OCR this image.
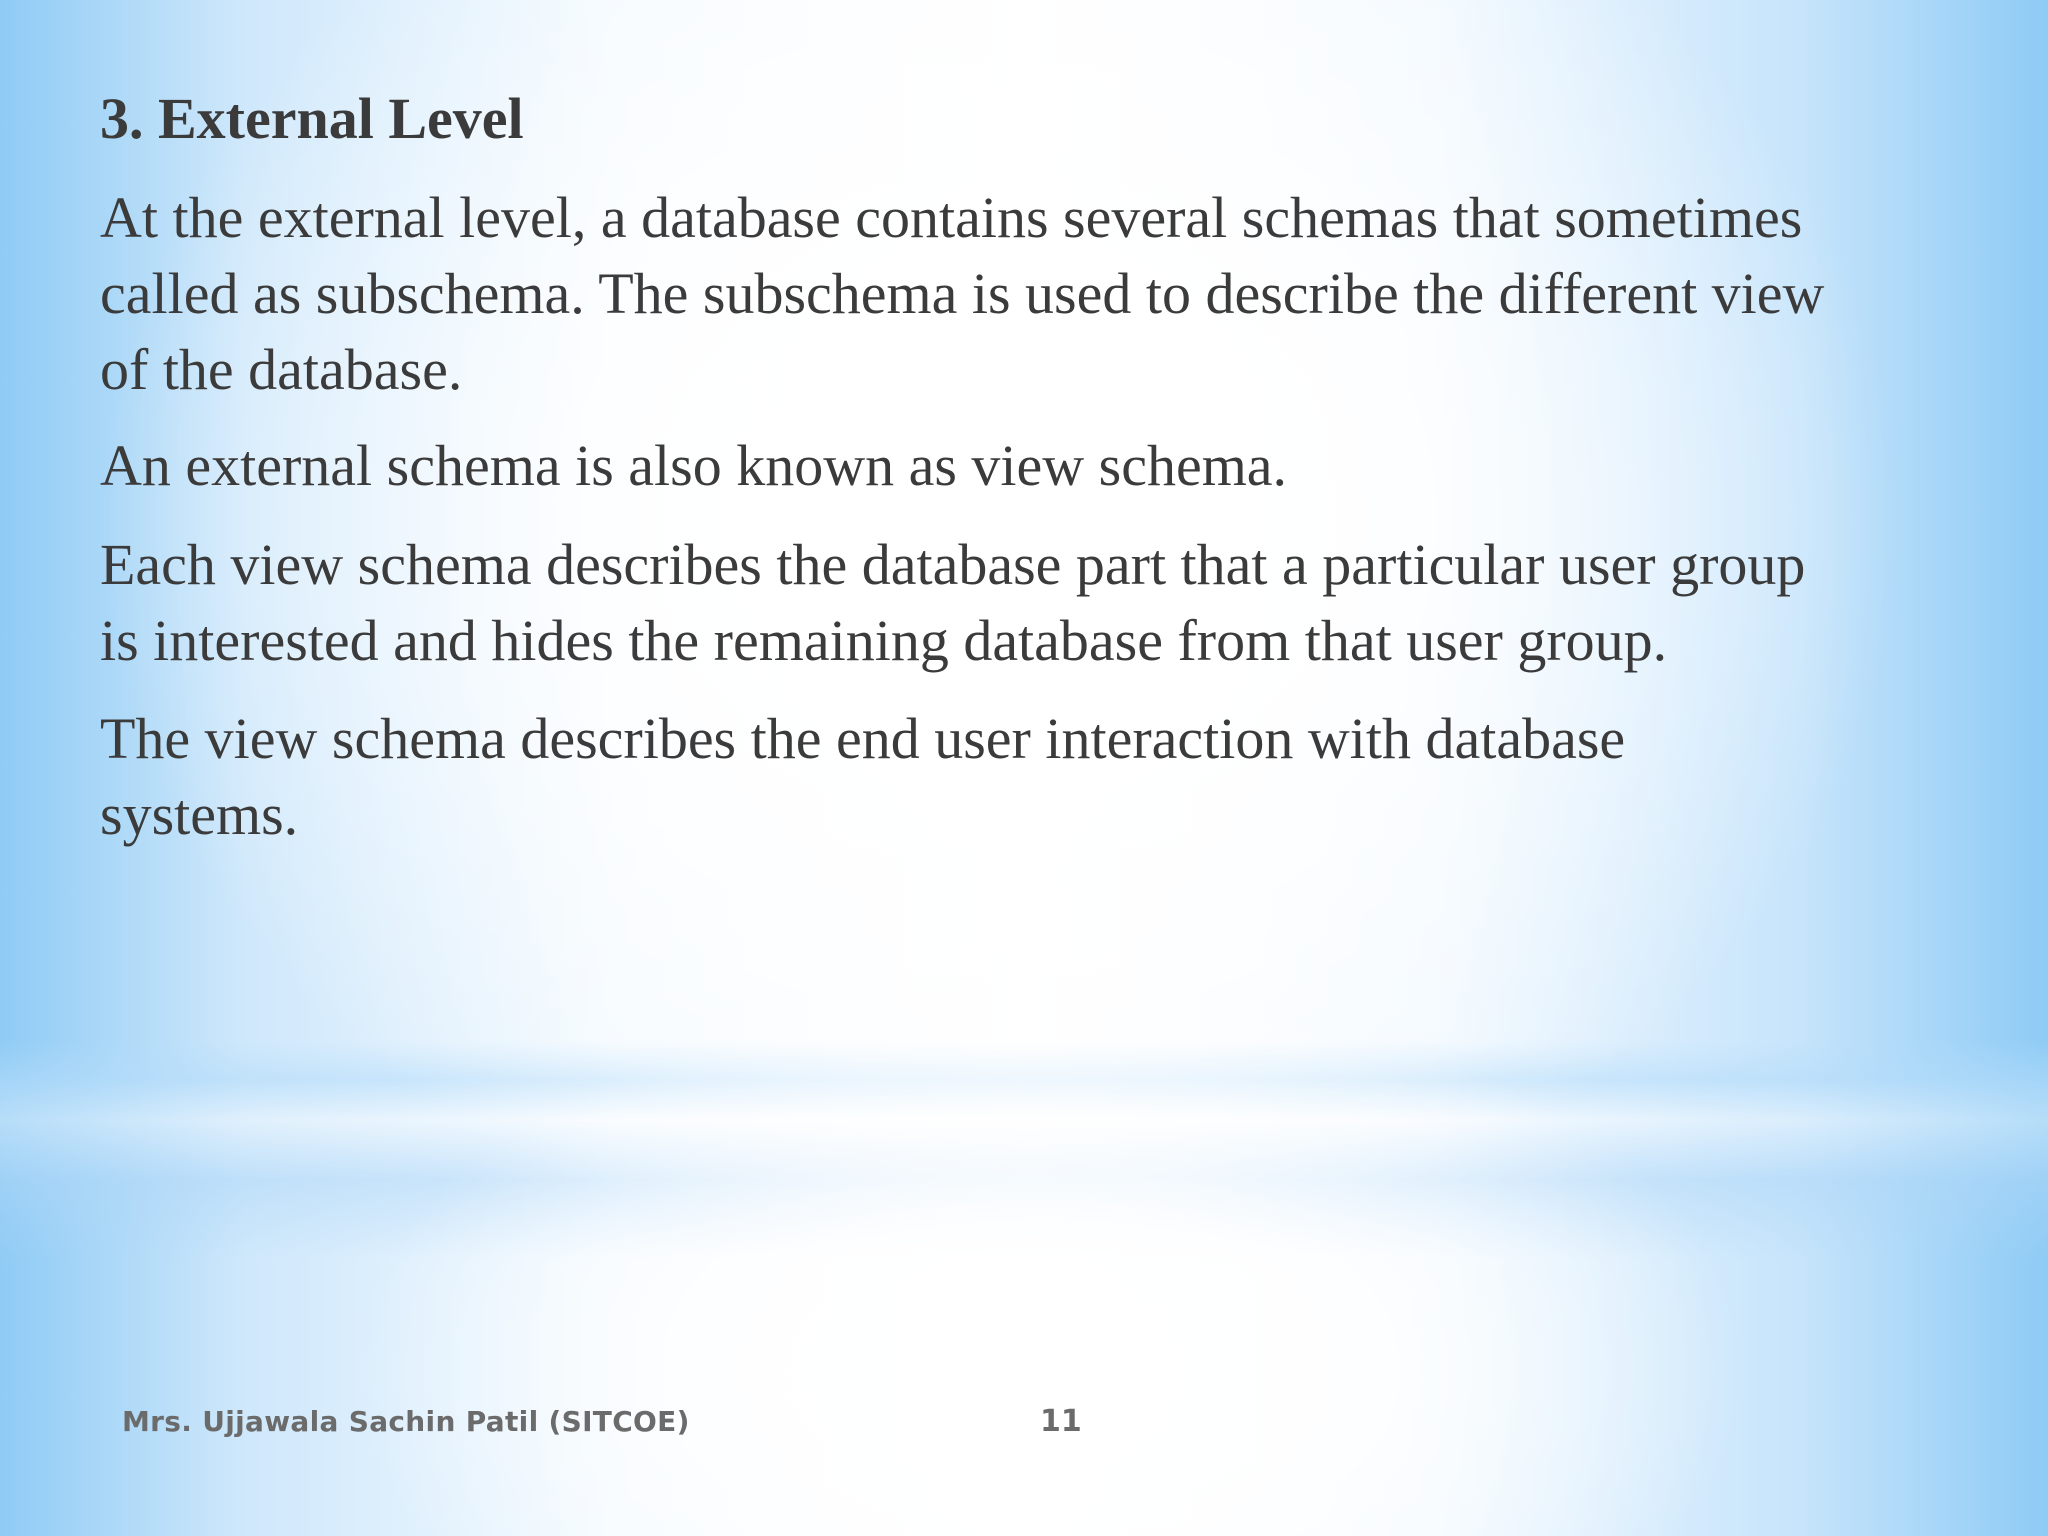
3. External Level

At the external level, a database contains several schemas that sometimes
called as subschema. The subschema is used to describe the different view
of the database.

An external schema is also known as view schema.

Each view schema describes the database part that a particular user group
is interested and hides the remaining database from that user group.

The view schema describes the end user interaction with database
systems.

Mrs. Ujjawala Sachin Patil (SITCOE)	11
